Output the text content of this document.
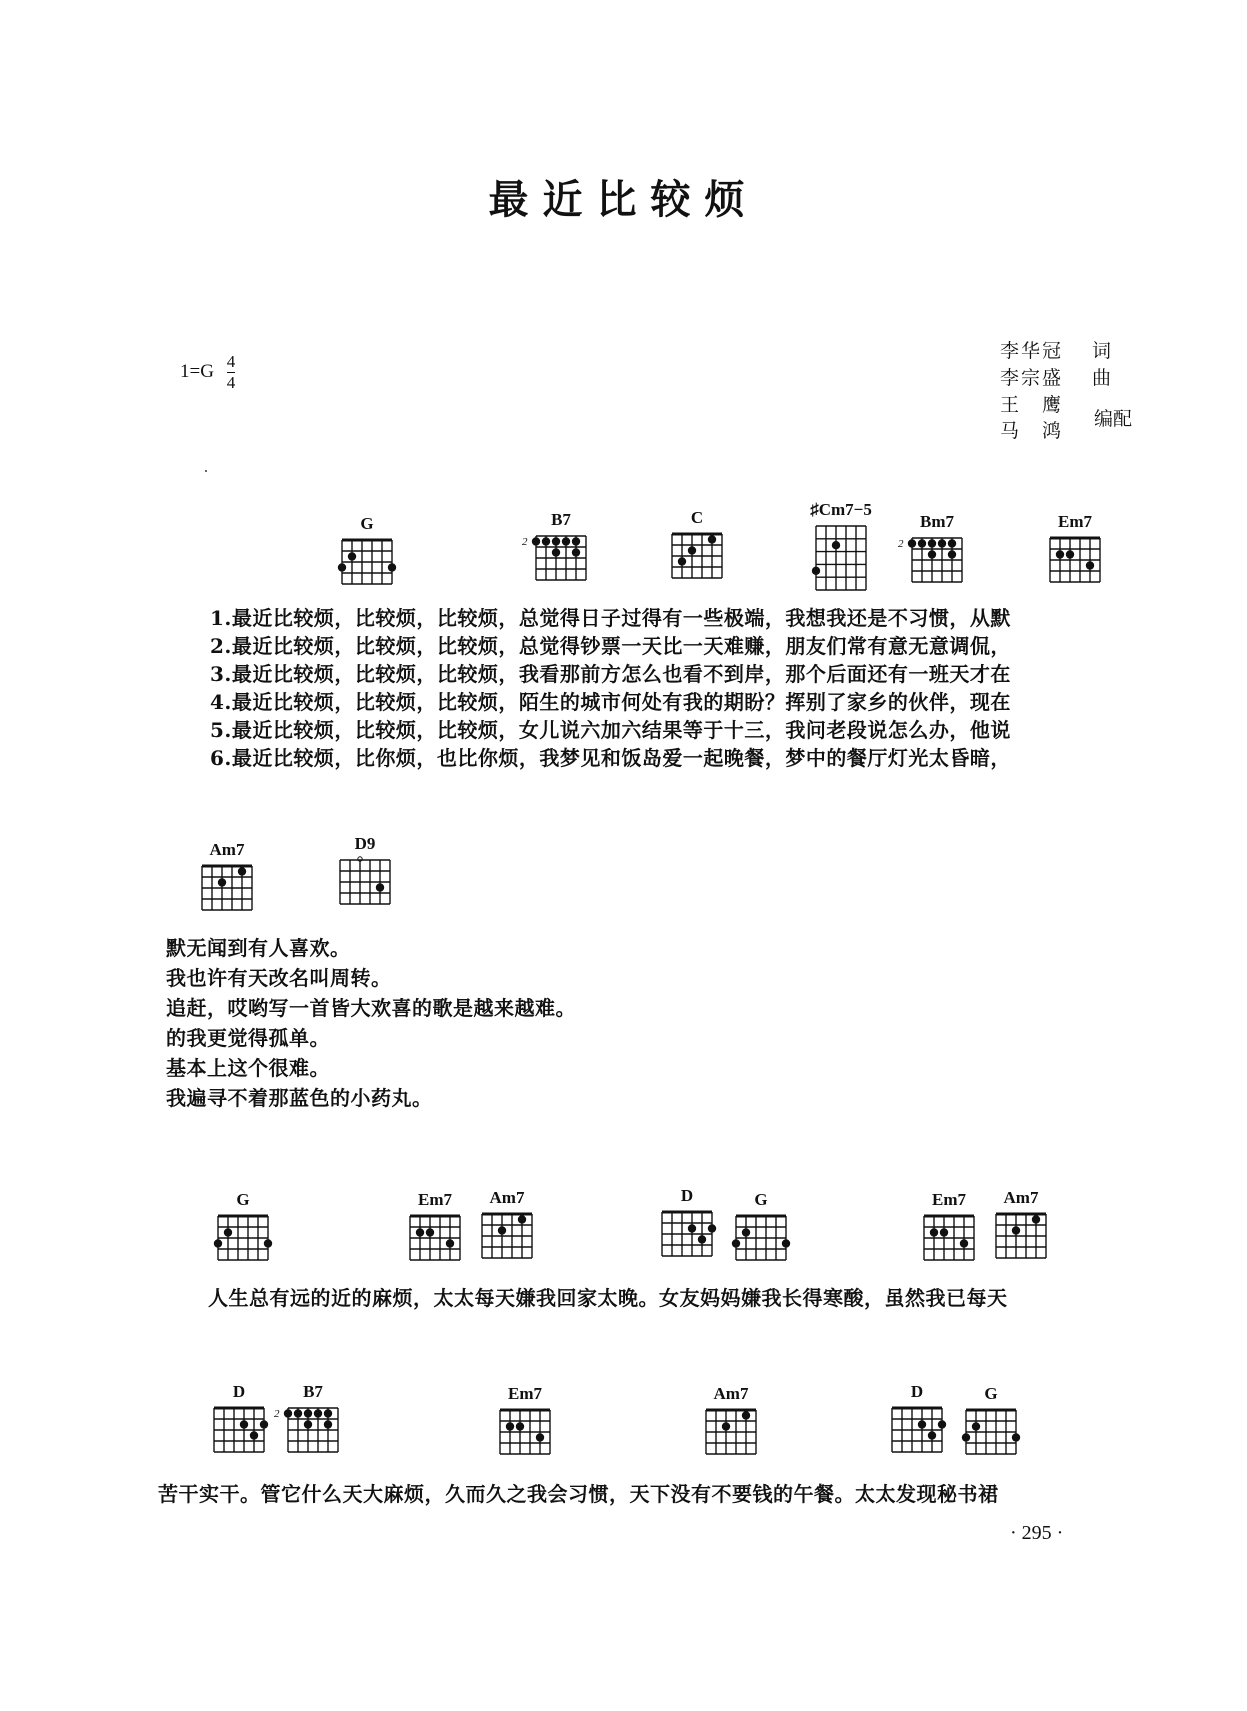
最近比较烦
$1=G \frac{4}{4}$
李华冠 词
李宗盛 曲
王　鹰
编配
马　鸿
G	B7
2
C	♯Cm7−5
Bm7
2
Em7
1.最近比较烦，比较烦，比较烦，总觉得日子过得有一些极端，我想我还是不习惯，从默
2.最近比较烦，比较烦，比较烦，总觉得钞票一天比一天难赚，朋友们常有意无意调侃，
3.最近比较烦，比较烦，比较烦，我看那前方怎么也看不到岸，那个后面还有一班天才在
4.最近比较烦，比较烦，比较烦，陌生的城市何处有我的期盼？挥别了家乡的伙伴，现在
5.最近比较烦，比较烦，比较烦，女儿说六加六结果等于十三，我问老段说怎么办，他说
6.最近比较烦，比你烦，也比你烦，我梦见和饭岛爱一起晚餐，梦中的餐厅灯光太昏暗，
Am7	D9
默无闻到有人喜欢。
我也许有天改名叫周转。
追赶，哎哟写一首皆大欢喜的歌是越来越难。
的我更觉得孤单。
基本上这个很难。
我遍寻不着那蓝色的小药丸。
G	Em7	Am7	D	G	Em7	Am7
人生总有远的近的麻烦，太太每天嫌我回家太晚。女友妈妈嫌我长得寒酸，虽然我已每天
D	B7
2
Em7	Am7	D	G
苦干实干。管它什么天大麻烦，久而久之我会习惯，天下没有不要钱的午餐。太太发现秘书裙
· 295 ·
